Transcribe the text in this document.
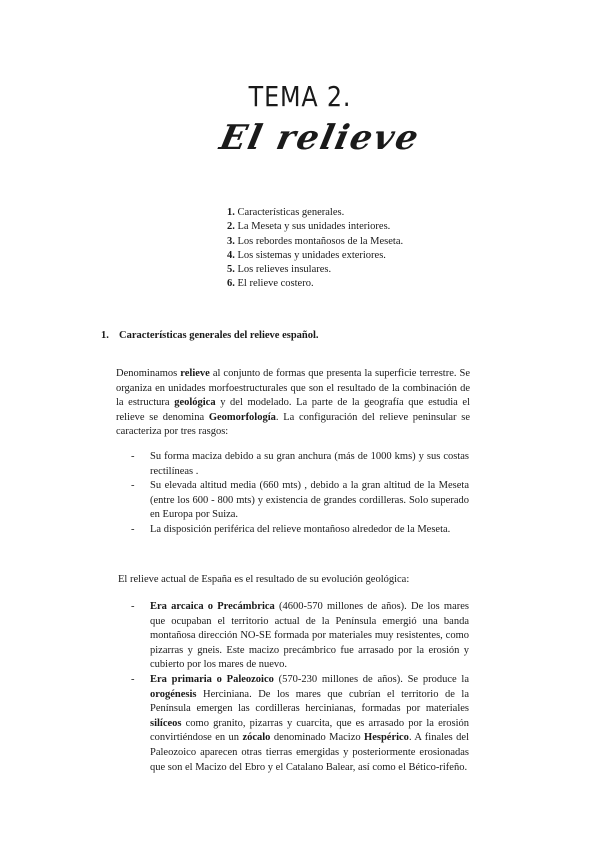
TEMA 2.
El relieve
1. Características generales.
2. La Meseta y sus unidades interiores.
3. Los rebordes montañosos de la Meseta.
4. Los sistemas y unidades exteriores.
5. Los relieves insulares.
6. El relieve costero.
1. Características generales del relieve español.

Denominamos relieve al conjunto de formas que presenta la superficie terrestre. Se organiza en unidades morfoestructurales que son el resultado de la combinación de la estructura geológica y del modelado. La parte de la geografía que estudia el relieve se denomina Geomorfología. La configuración del relieve peninsular se caracteriza por tres rasgos:

- Su forma maciza debido a su gran anchura (más de 1000 kms) y sus costas rectilíneas .
- Su elevada altitud media (660 mts) , debido a la gran altitud de la Meseta (entre los 600 - 800 mts) y existencia de grandes cordilleras. Solo superado en Europa por Suiza.
- La disposición periférica del relieve montañoso alrededor de la Meseta.

El relieve actual de España es el resultado de su evolución geológica:

- Era arcaica o Precámbrica (4600-570 millones de años). De los mares que ocupaban el territorio actual de la Península emergió una banda montañosa dirección NO-SE formada por materiales muy resistentes, como pizarras y gneis. Este macizo precámbrico fue arrasado por la erosión y cubierto por los mares de nuevo.
- Era primaria o Paleozoico (570-230 millones de años). Se produce la orogénesis Herciniana. De los mares que cubrían el territorio de la Península emergen las cordilleras hercinianas, formadas por materiales silíceos como granito, pizarras y cuarcita, que es arrasado por la erosión convirtiéndose en un zócalo denominado Macizo Hespérico. A finales del Paleozoico aparecen otras tierras emergidas y posteriormente erosionadas que son el Macizo del Ebro y el Catalano Balear, así como el Bético-rifeño.
